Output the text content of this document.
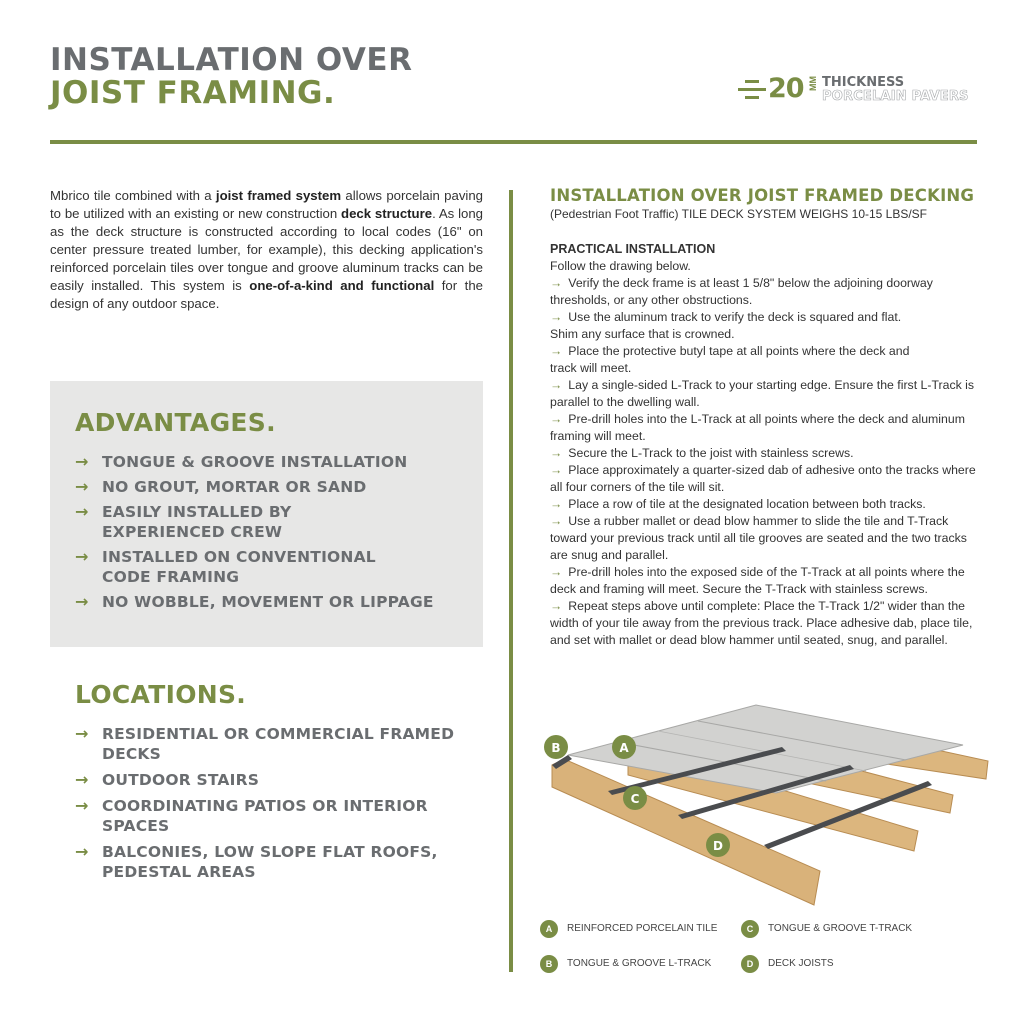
INSTALLATION OVER
JOIST FRAMING.	20 MM THICKNESS
PORCELAIN PAVERS

Mbrico tile combined with a joist framed system allows porcelain paving to be utilized with an existing or new construction deck structure. As long as the deck structure is constructed according to local codes (16" on center pressure treated lumber, for example), this decking application's reinforced porcelain tiles over tongue and groove aluminum tracks can be easily installed. This system is one-of-a-kind and functional for the design of any outdoor space.

ADVANTAGES.
→ TONGUE & GROOVE INSTALLATION
→ NO GROUT, MORTAR OR SAND
→ EASILY INSTALLED BY
EXPERIENCED CREW
→ INSTALLED ON CONVENTIONAL
CODE FRAMING
→ NO WOBBLE, MOVEMENT OR LIPPAGE
LOCATIONS.
→ RESIDENTIAL OR COMMERCIAL FRAMED DECKS
→ OUTDOOR STAIRS
→ COORDINATING PATIOS OR INTERIOR SPACES
→ BALCONIES, LOW SLOPE FLAT ROOFS,
PEDESTAL AREAS
INSTALLATION OVER JOIST FRAMED DECKING
(Pedestrian Foot Traffic) TILE DECK SYSTEM WEIGHS 10-15 LBS/SF
PRACTICAL INSTALLATION

Follow the drawing below.

→ Verify the deck frame is at least 1 5/8" below the adjoining doorway thresholds, or any other obstructions.

→ Use the aluminum track to verify the deck is squared and flat.
Shim any surface that is crowned.

→ Place the protective butyl tape at all points where the deck and
track will meet.

→ Lay a single-sided L-Track to your starting edge. Ensure the first L-Track is parallel to the dwelling wall.

→ Pre-drill holes into the L-Track at all points where the deck and aluminum framing will meet.

→ Secure the L-Track to the joist with stainless screws.

→ Place approximately a quarter-sized dab of adhesive onto the tracks where all four corners of the tile will sit.

→ Place a row of tile at the designated location between both tracks.

→ Use a rubber mallet or dead blow hammer to slide the tile and T-Track toward your previous track until all tile grooves are seated and the two tracks are snug and parallel.

→ Pre-drill holes into the exposed side of the T-Track at all points where the deck and framing will meet. Secure the T-Track with stainless screws.

→ Repeat steps above until complete: Place the T-Track 1/2" wider than the width of your tile away from the previous track. Place adhesive dab, place tile, and set with mallet or dead blow hammer until seated, snug, and parallel.

A
B
C
D
A	REINFORCED PORCELAIN TILE	C	TONGUE & GROOVE T-TRACK
B	TONGUE & GROOVE L-TRACK	D	DECK JOISTS
